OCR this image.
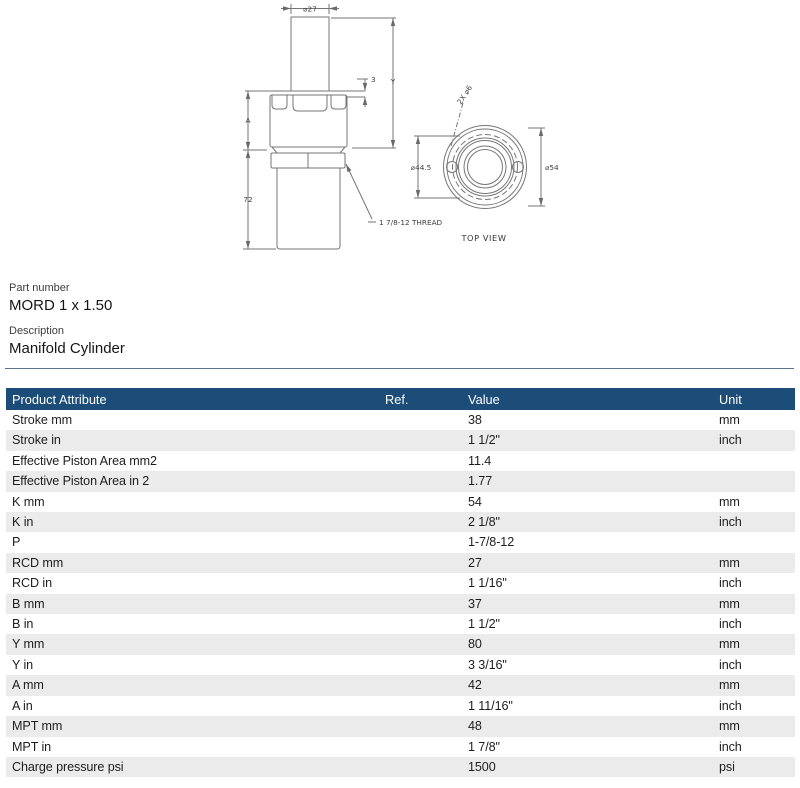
⌀27
3 Y
A
72
1 7/8-12 THREAD
⌀44.5	⌀54
2X ⌀6
TOP VIEW
Part number
MORD 1 x 1.50
Description
Manifold Cylinder
Product Attribute	Ref.	Value	Unit
Stroke mm		38	mm
Stroke in		1 1/2"	inch
Effective Piston Area mm2		11.4	
Effective Piston Area in 2		1.77	
K mm		54	mm
K in		2 1/8"	inch
P		1-7/8-12	
RCD mm		27	mm
RCD in		1 1/16"	inch
B mm		37	mm
B in		1 1/2"	inch
Y mm		80	mm
Y in		3 3/16"	inch
A mm		42	mm
A in		1 11/16"	inch
MPT mm		48	mm
MPT in		1 7/8"	inch
Charge pressure psi		1500	psi
